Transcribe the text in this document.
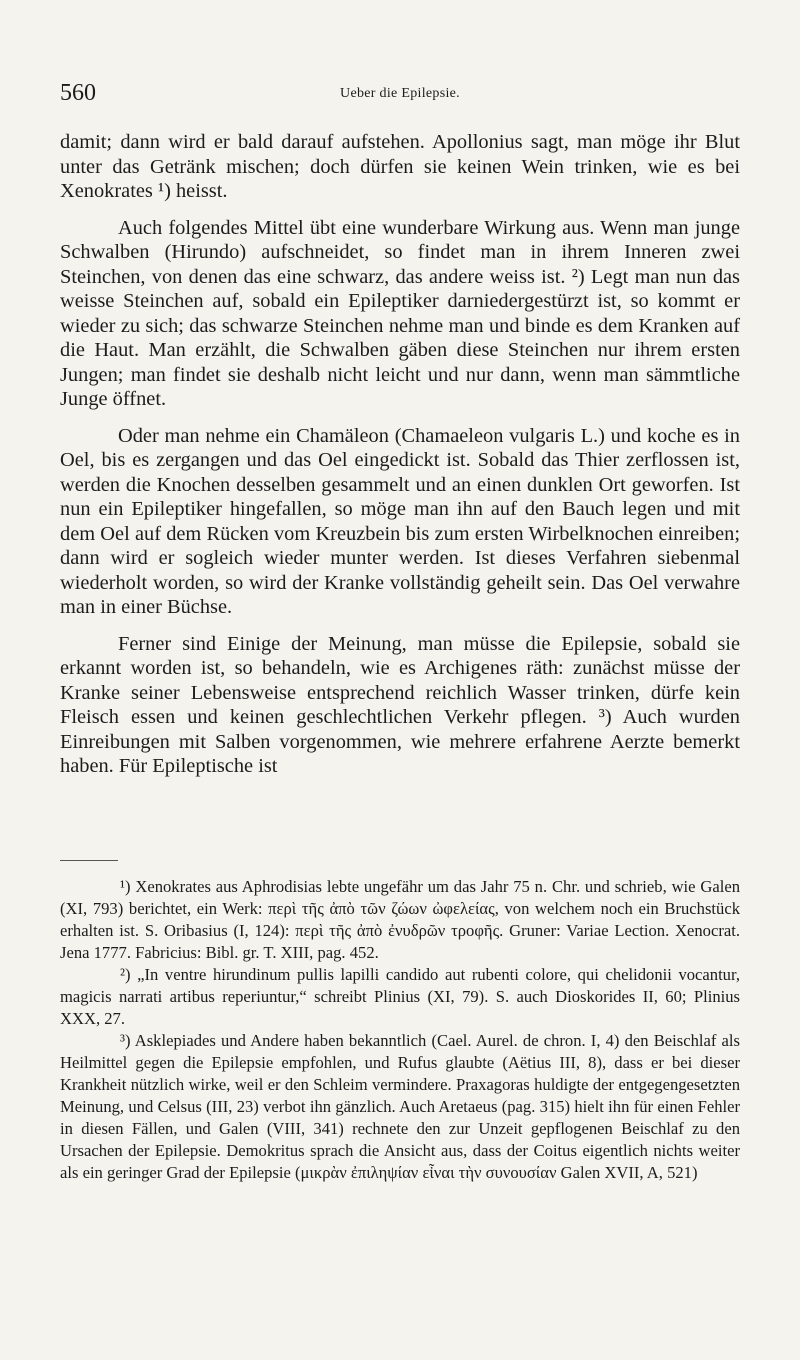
560	Ueber die Epilepsie.

damit; dann wird er bald darauf aufstehen. Apollonius sagt, man möge ihr Blut unter das Getränk mischen; doch dürfen sie keinen Wein trinken, wie es bei Xenokrates ¹) heisst.

Auch folgendes Mittel übt eine wunderbare Wirkung aus. Wenn man junge Schwalben (Hirundo) aufschneidet, so findet man in ihrem Inneren zwei Steinchen, von denen das eine schwarz, das andere weiss ist. ²) Legt man nun das weisse Steinchen auf, sobald ein Epileptiker darniedergestürzt ist, so kommt er wieder zu sich; das schwarze Steinchen nehme man und binde es dem Kranken auf die Haut. Man erzählt, die Schwalben gäben diese Steinchen nur ihrem ersten Jungen; man findet sie deshalb nicht leicht und nur dann, wenn man sämmtliche Junge öffnet.

Oder man nehme ein Chamäleon (Chamaeleon vulgaris L.) und koche es in Oel, bis es zergangen und das Oel eingedickt ist. Sobald das Thier zerflossen ist, werden die Knochen desselben gesammelt und an einen dunklen Ort geworfen. Ist nun ein Epileptiker hingefallen, so möge man ihn auf den Bauch legen und mit dem Oel auf dem Rücken vom Kreuzbein bis zum ersten Wirbelknochen einreiben; dann wird er sogleich wieder munter werden. Ist dieses Verfahren siebenmal wiederholt worden, so wird der Kranke vollständig geheilt sein. Das Oel verwahre man in einer Büchse.

Ferner sind Einige der Meinung, man müsse die Epilepsie, sobald sie erkannt worden ist, so behandeln, wie es Archigenes räth: zunächst müsse der Kranke seiner Lebensweise entsprechend reichlich Wasser trinken, dürfe kein Fleisch essen und keinen geschlechtlichen Verkehr pflegen. ³) Auch wurden Einreibungen mit Salben vorgenommen, wie mehrere erfahrene Aerzte bemerkt haben. Für Epileptische ist

¹) Xenokrates aus Aphrodisias lebte ungefähr um das Jahr 75 n. Chr. und schrieb, wie Galen (XI, 793) berichtet, ein Werk: περὶ τῆς ἀπὸ τῶν ζώων ὠφελείας, von welchem noch ein Bruchstück erhalten ist. S. Oribasius (I, 124): περὶ τῆς ἀπὸ ἐνυδρῶν τροφῆς. Gruner: Variae Lection. Xenocrat. Jena 1777. Fabricius: Bibl. gr. T. XIII, pag. 452.

²) „In ventre hirundinum pullis lapilli candido aut rubenti colore, qui chelidonii vocantur, magicis narrati artibus reperiuntur,“ schreibt Plinius (XI, 79). S. auch Dioskorides II, 60; Plinius XXX, 27.

³) Asklepiades und Andere haben bekanntlich (Cael. Aurel. de chron. I, 4) den Beischlaf als Heilmittel gegen die Epilepsie empfohlen, und Rufus glaubte (Aëtius III, 8), dass er bei dieser Krankheit nützlich wirke, weil er den Schleim vermindere. Praxagoras huldigte der entgegengesetzten Meinung, und Celsus (III, 23) verbot ihn gänzlich. Auch Aretaeus (pag. 315) hielt ihn für einen Fehler in diesen Fällen, und Galen (VIII, 341) rechnete den zur Unzeit gepflogenen Beischlaf zu den Ursachen der Epilepsie. Demokritus sprach die Ansicht aus, dass der Coitus eigentlich nichts weiter als ein geringer Grad der Epilepsie (μικρὰν ἐπιληψίαν εἶναι τὴν συνουσίαν Galen XVII, A, 521)
